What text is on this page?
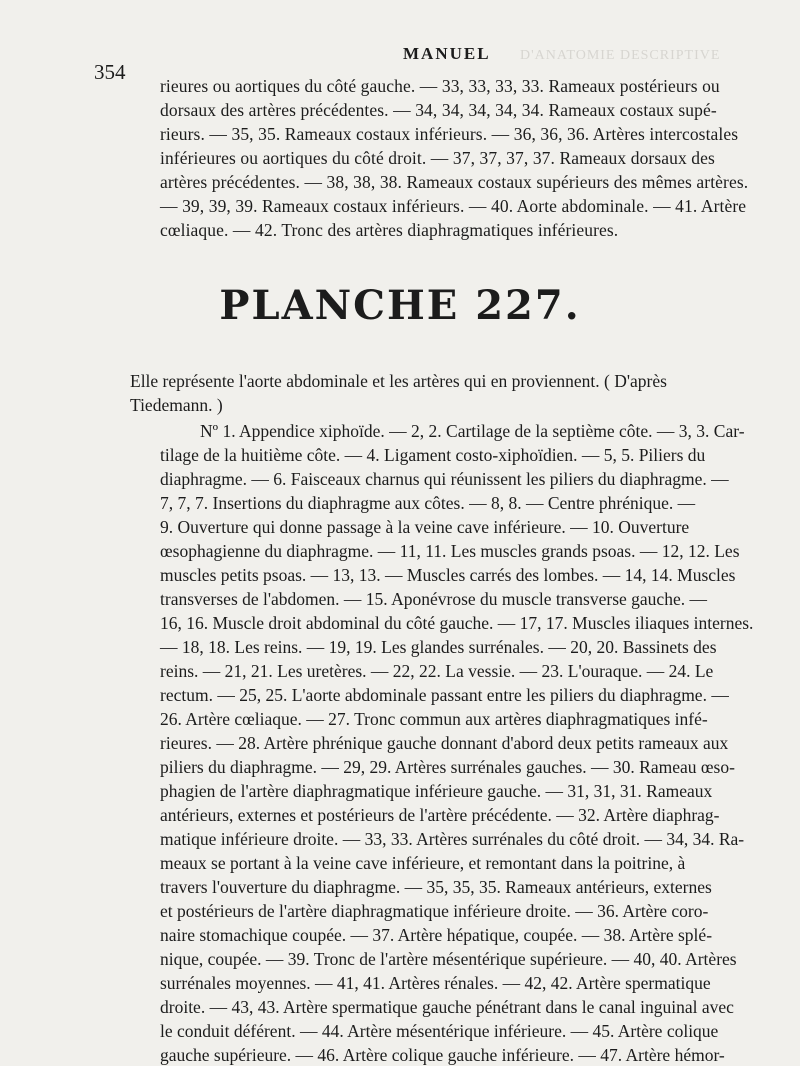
D'ANATOMIE DESCRIPTIVE
354
MANUEL
rieures ou aortiques du côté gauche. — 33, 33, 33, 33. Rameaux postérieurs ou
dorsaux des artères précédentes. — 34, 34, 34, 34, 34. Rameaux costaux supé-
rieurs. — 35, 35. Rameaux costaux inférieurs. — 36, 36, 36. Artères intercostales
inférieures ou aortiques du côté droit. — 37, 37, 37, 37. Rameaux dorsaux des
artères précédentes. — 38, 38, 38. Rameaux costaux supérieurs des mêmes artères.
— 39, 39, 39. Rameaux costaux inférieurs. — 40. Aorte abdominale. — 41. Artère
cœliaque. — 42. Tronc des artères diaphragmatiques inférieures.
PLANCHE 227.
Elle représente l'aorte abdominale et les artères qui en proviennent. ( D'après
Tiedemann. )
Nº 1. Appendice xiphoïde. — 2, 2. Cartilage de la septième côte. — 3, 3. Car-
tilage de la huitième côte. — 4. Ligament costo-xiphoïdien. — 5, 5. Piliers du
diaphragme. — 6. Faisceaux charnus qui réunissent les piliers du diaphragme. —
7, 7, 7. Insertions du diaphragme aux côtes. — 8, 8. — Centre phrénique. —
9. Ouverture qui donne passage à la veine cave inférieure. — 10. Ouverture
œsophagienne du diaphragme. — 11, 11. Les muscles grands psoas. — 12, 12. Les
muscles petits psoas. — 13, 13. — Muscles carrés des lombes. — 14, 14. Muscles
transverses de l'abdomen. — 15. Aponévrose du muscle transverse gauche. —
16, 16. Muscle droit abdominal du côté gauche. — 17, 17. Muscles iliaques internes.
— 18, 18. Les reins. — 19, 19. Les glandes surrénales. — 20, 20. Bassinets des
reins. — 21, 21. Les uretères. — 22, 22. La vessie. — 23. L'ouraque. — 24. Le
rectum. — 25, 25. L'aorte abdominale passant entre les piliers du diaphragme. —
26. Artère cœliaque. — 27. Tronc commun aux artères diaphragmatiques infé-
rieures. — 28. Artère phrénique gauche donnant d'abord deux petits rameaux aux
piliers du diaphragme. — 29, 29. Artères surrénales gauches. — 30. Rameau œso-
phagien de l'artère diaphragmatique inférieure gauche. — 31, 31, 31. Rameaux
antérieurs, externes et postérieurs de l'artère précédente. — 32. Artère diaphrag-
matique inférieure droite. — 33, 33. Artères surrénales du côté droit. — 34, 34. Ra-
meaux se portant à la veine cave inférieure, et remontant dans la poitrine, à
travers l'ouverture du diaphragme. — 35, 35, 35. Rameaux antérieurs, externes
et postérieurs de l'artère diaphragmatique inférieure droite. — 36. Artère coro-
naire stomachique coupée. — 37. Artère hépatique, coupée. — 38. Artère splé-
nique, coupée. — 39. Tronc de l'artère mésentérique supérieure. — 40, 40. Artères
surrénales moyennes. — 41, 41. Artères rénales. — 42, 42. Artère spermatique
droite. — 43, 43. Artère spermatique gauche pénétrant dans le canal inguinal avec
le conduit déférent. — 44. Artère mésentérique inférieure. — 45. Artère colique
gauche supérieure. — 46. Artère colique gauche inférieure. — 47. Artère hémor-
